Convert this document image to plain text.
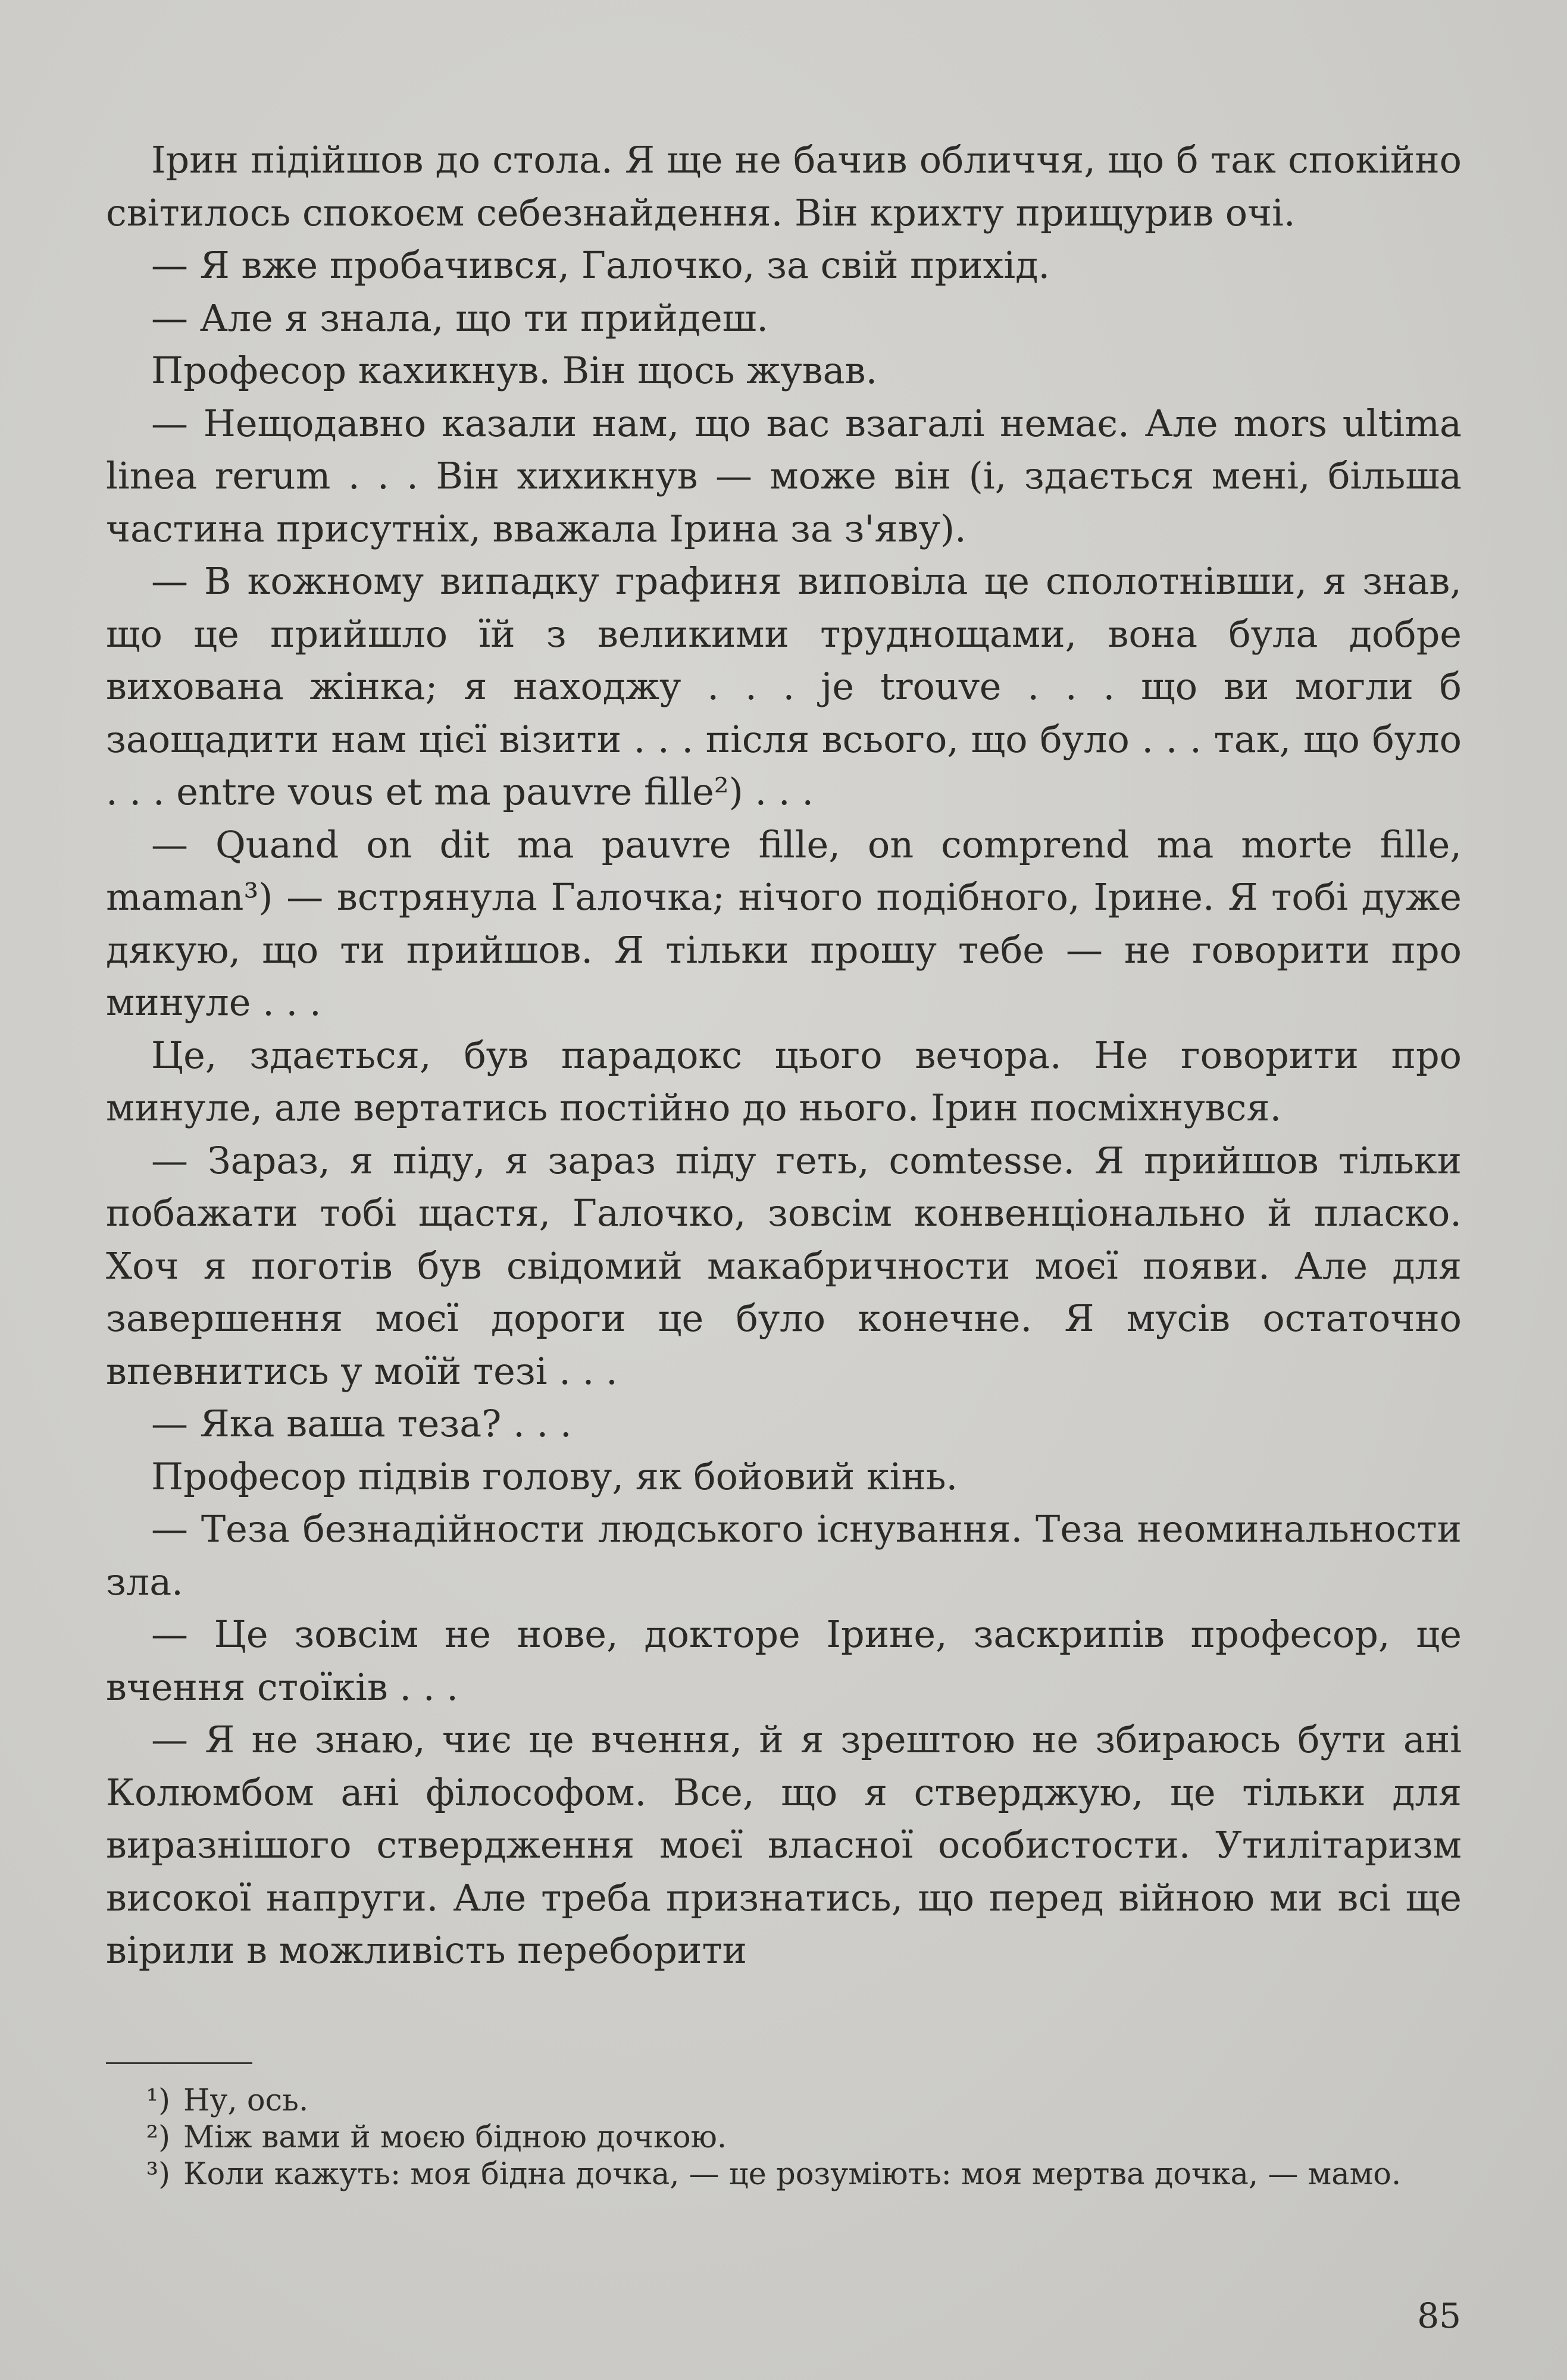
Ірин підійшов до стола. Я ще не бачив обличчя, що б так спокійно світилось спокоєм себезнайдення. Він крихту прищурив очі.

— Я вже пробачився, Галочко, за свій прихід.

— Але я знала, що ти прийдеш.

Професор кахикнув. Він щось жував.

— Нещодавно казали нам, що вас взагалі немає. Але mors ultima linea rerum . . . Він хихикнув — може він (і, здається мені, більша частина присутніх, вважала Ірина за з'яву).

— В кожному випадку графиня виповіла це сполотнівши, я знав, що це прийшло їй з великими труднощами, вона була добре вихована жінка; я находжу . . . je trouve . . . що ви могли б заощадити нам цієї візити . . . після всього, що було . . . так, що було . . . entre vous et ma pauvre fille²) . . .

— Quand on dit ma pauvre fille, on comprend ma morte fille, maman³) — встрянула Галочка; нічого подібного, Ірине. Я тобі дуже дякую, що ти прийшов. Я тільки прошу тебе — не говорити про минуле . . .

Це, здається, був парадокс цього вечора. Не говорити про минуле, але вертатись постійно до нього. Ірин посміхнувся.

— Зараз, я піду, я зараз піду геть, comtesse. Я прийшов тільки побажати тобі щастя, Галочко, зовсім конвенціонально й пласко. Хоч я поготів був свідомий макабричности моєї появи. Але для завершення моєї дороги це було конечне. Я мусів остаточно впевнитись у моїй тезі . . .

— Яка ваша теза? . . .

Професор підвів голову, як бойовий кінь.

— Теза безнадійности людського існування. Теза неоминальности зла.

— Це зовсім не нове, докторе Ірине, заскрипів професор, це вчення стоїків . . .

— Я не знаю, чиє це вчення, й я зрештою не збираюсь бути ані Колюмбом ані філософом. Все, що я стверджую, це тільки для виразнішого ствердження моєї власної особистости. Утилітаризм високої напруги. Але треба признатись, що перед війною ми всі ще вірили в можливість переборити

¹) Ну, ось.
²) Між вами й моєю бідною дочкою.
³) Коли кажуть: моя бідна дочка, — це розуміють: моя мертва дочка, — мамо.
85
